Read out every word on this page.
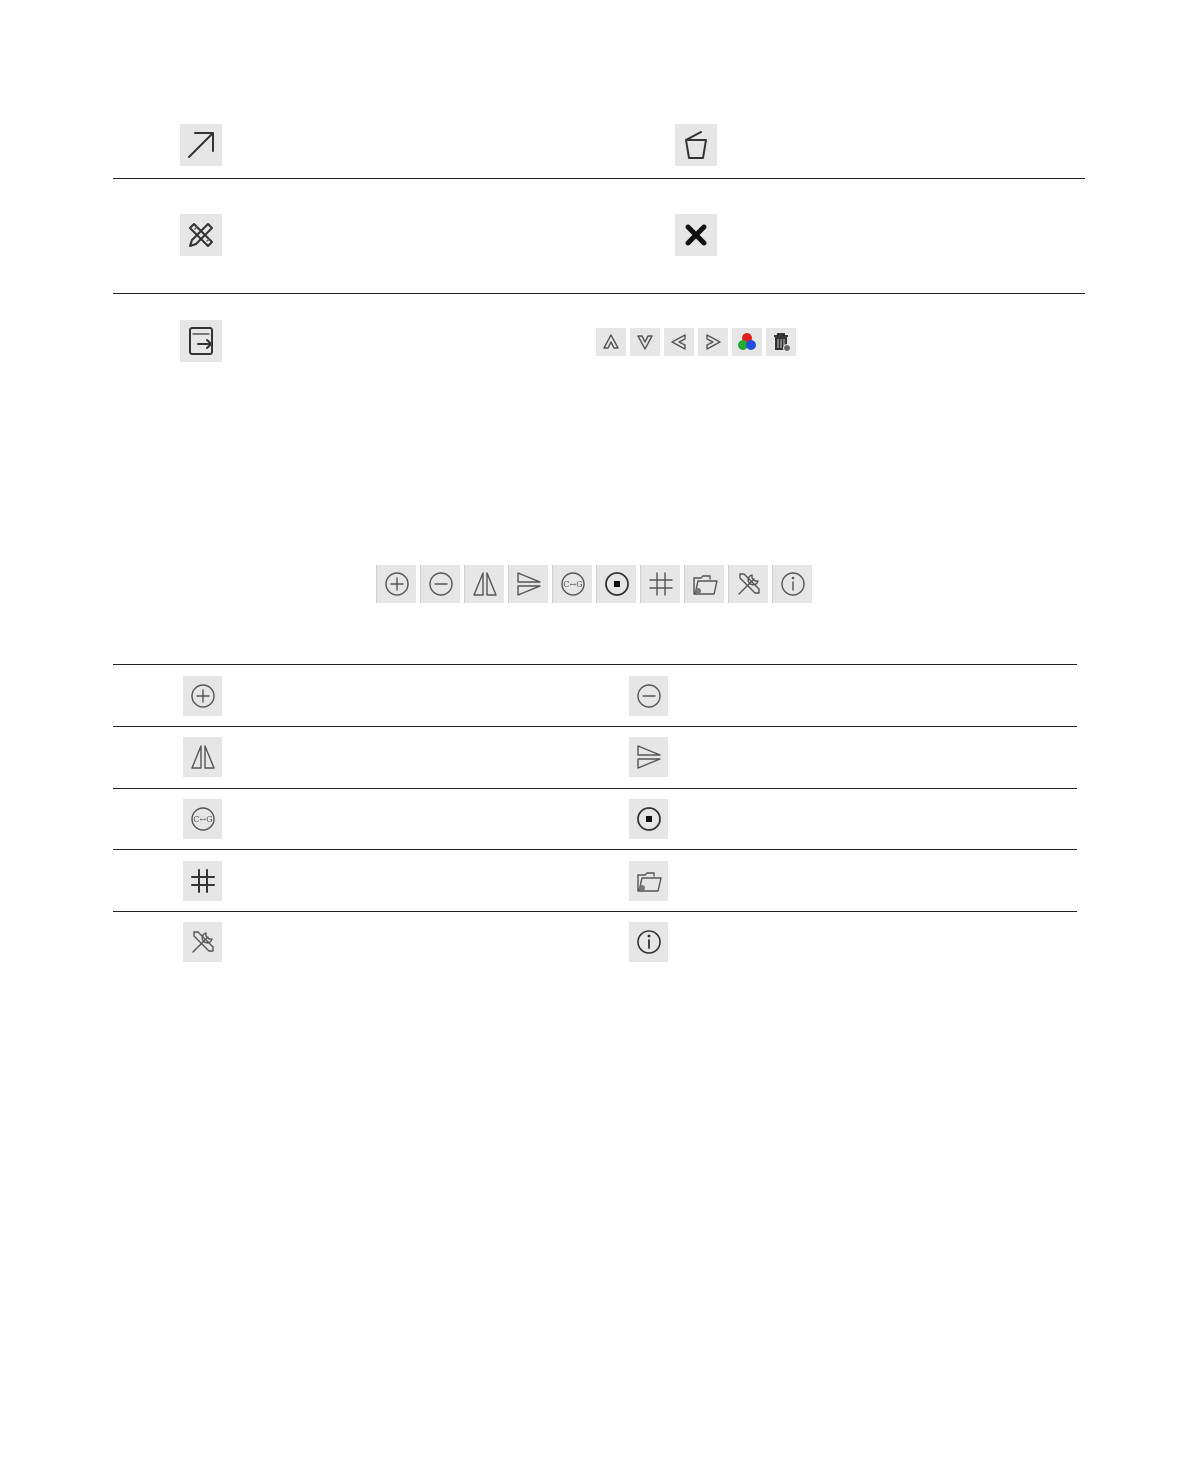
C↔G
C↔G
